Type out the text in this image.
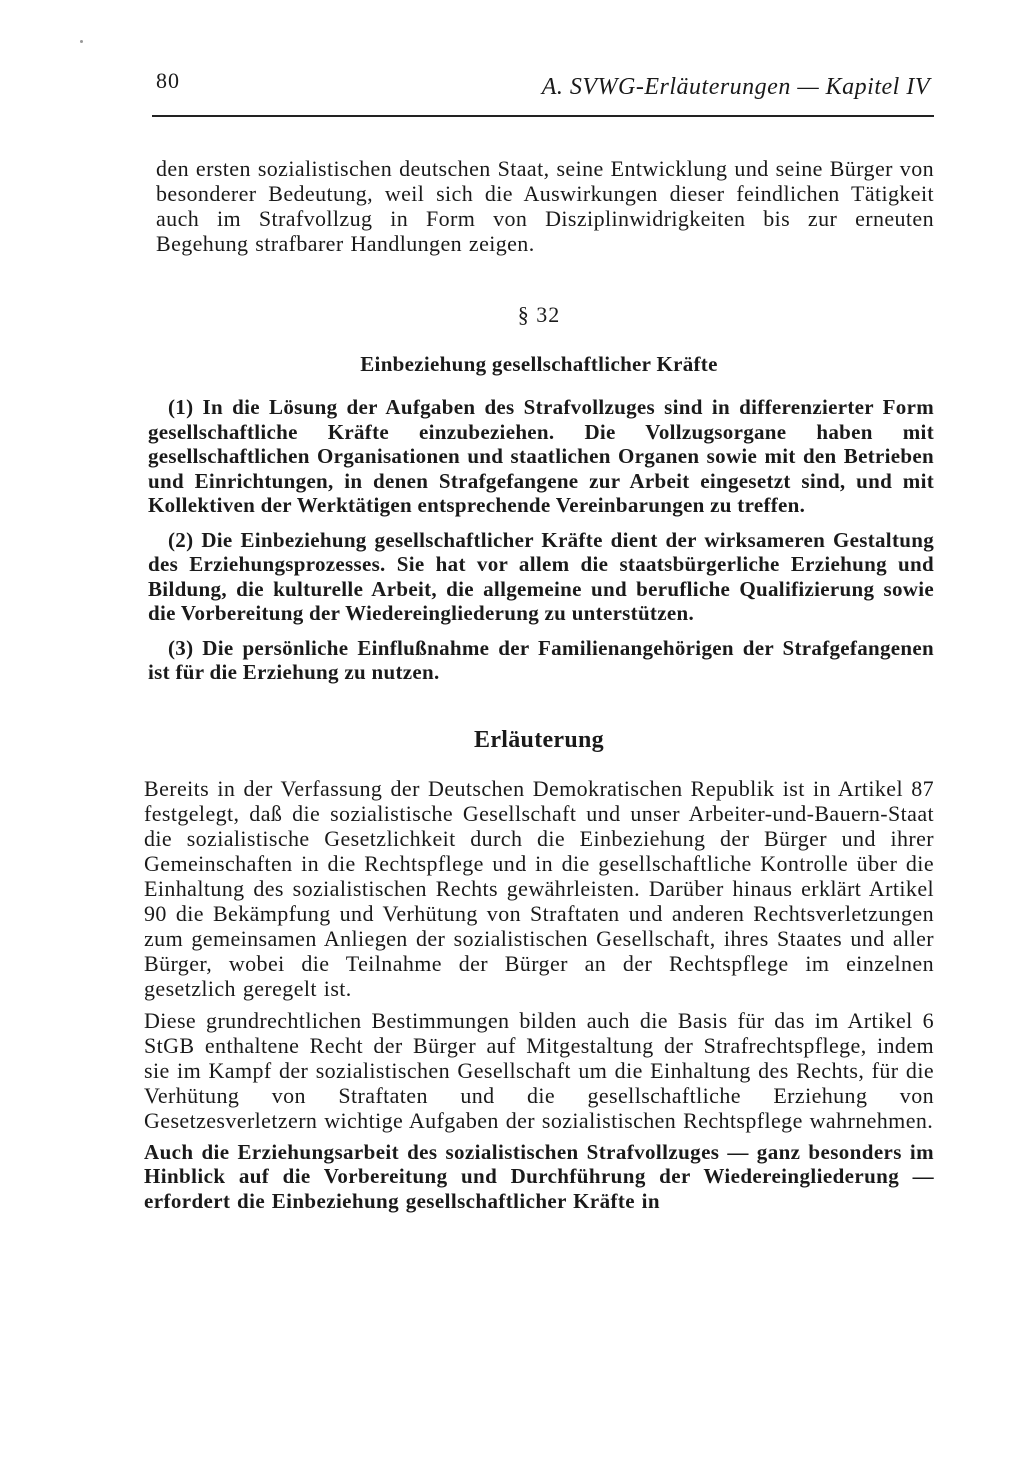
80	A. SVWG-Erläuterungen — Kapitel IV

den ersten sozialistischen deutschen Staat, seine Entwicklung und seine Bürger von besonderer Bedeutung, weil sich die Auswirkungen dieser feindlichen Tätigkeit auch im Strafvollzug in Form von Disziplinwidrigkeiten bis zur erneuten Begehung strafbarer Handlungen zeigen.

§ 32
Einbeziehung gesellschaftlicher Kräfte

(1) In die Lösung der Aufgaben des Strafvollzuges sind in differenzierter Form gesellschaftliche Kräfte einzubeziehen. Die Vollzugsorgane haben mit gesellschaftlichen Organisationen und staatlichen Organen sowie mit den Betrieben und Einrichtungen, in denen Strafgefangene zur Arbeit eingesetzt sind, und mit Kollektiven der Werktätigen entsprechende Vereinbarungen zu treffen.

(2) Die Einbeziehung gesellschaftlicher Kräfte dient der wirksameren Gestaltung des Erziehungsprozesses. Sie hat vor allem die staatsbürgerliche Erziehung und Bildung, die kulturelle Arbeit, die allgemeine und berufliche Qualifizierung sowie die Vorbereitung der Wiedereingliederung zu unterstützen.

(3) Die persönliche Einflußnahme der Familienangehörigen der Strafgefangenen ist für die Erziehung zu nutzen.

Erläuterung

Bereits in der Verfassung der Deutschen Demokratischen Republik ist in Artikel 87 festgelegt, daß die sozialistische Gesellschaft und unser Arbeiter-und-Bauern-Staat die sozialistische Gesetzlichkeit durch die Einbeziehung der Bürger und ihrer Gemeinschaften in die Rechtspflege und in die gesellschaftliche Kontrolle über die Einhaltung des sozialistischen Rechts gewährleisten. Darüber hinaus erklärt Artikel 90 die Bekämpfung und Verhütung von Straftaten und anderen Rechtsverletzungen zum gemeinsamen Anliegen der sozialistischen Gesellschaft, ihres Staates und aller Bürger, wobei die Teilnahme der Bürger an der Rechtspflege im einzelnen gesetzlich geregelt ist.

Diese grundrechtlichen Bestimmungen bilden auch die Basis für das im Artikel 6 StGB enthaltene Recht der Bürger auf Mitgestaltung der Strafrechtspflege, indem sie im Kampf der sozialistischen Gesellschaft um die Einhaltung des Rechts, für die Verhütung von Straftaten und die gesellschaftliche Erziehung von Gesetzesverletzern wichtige Aufgaben der sozialistischen Rechtspflege wahrnehmen.

Auch die Erziehungsarbeit des sozialistischen Strafvollzuges — ganz besonders im Hinblick auf die Vorbereitung und Durchführung der Wiedereingliederung — erfordert die Einbeziehung gesellschaftlicher Kräfte in
